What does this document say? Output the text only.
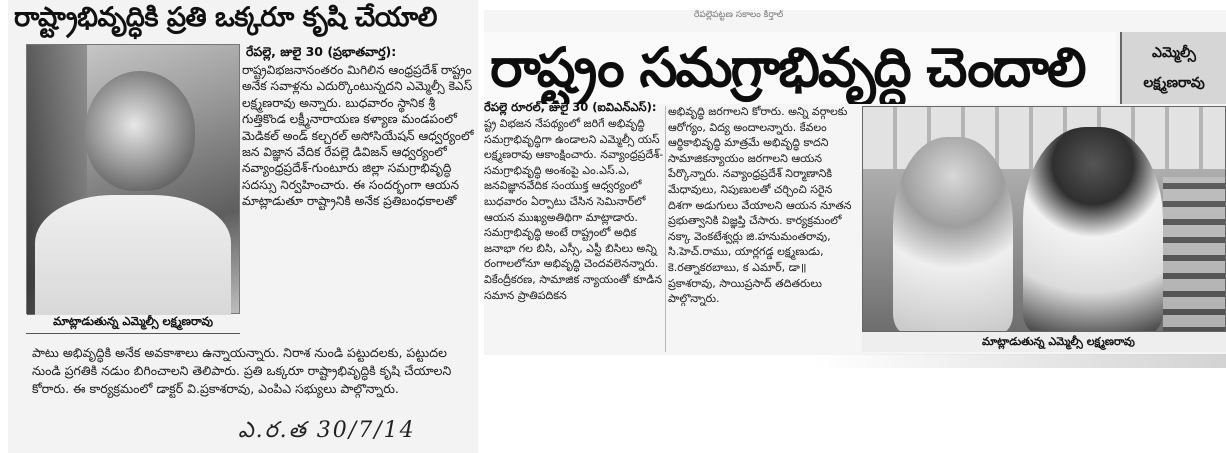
రాష్ట్రాభివృద్ధికి ప్రతి ఒక్కరూ కృషి చేయాలి
మాట్లాడుతున్న ఎమ్మెల్సీ లక్ష్మణరావు
రేపల్లె, జులై 30 (ప్రభాతవార్త):
రాష్ట్రవిభజనానంతరం మిగిలిన ఆంధ్రప్రదేశ్ రాష్ట్రం అనేక సవాళ్లను ఎదుర్కొంటున్నదని ఎమ్మెల్సీ కెఎస్ లక్ష్మణరావు అన్నారు. బుధవారం స్థానిక శ్రీ గుత్తికొండ లక్ష్మీనారాయణ కళ్యాణ మండపంలో మెడికల్ అండ్ కల్చరల్ అసోసియేషన్ ఆధ్వర్యంలో జన విజ్ఞాన వేదిక రేపల్లె డివిజన్ ఆధ్వర్యంలో నవ్యాంధ్రప్రదేశ్-గుంటూరు జిల్లా సమగ్రాభివృద్ధి సదస్సు నిర్వహించారు. ఈ సందర్భంగా ఆయన మాట్లాడుతూ రాష్ట్రానికి అనేక ప్రతిబంధకాలతో
పాటు అభివృద్ధికి అనేక అవకాశాలు ఉన్నాయన్నారు. నిరాశ నుండి పట్టుదలకు, పట్టుదల నుండి ప్రగతికి నడుం బిగించాలని తెలిపారు. ప్రతి ఒక్కరూ రాష్ట్రాభివృద్ధికి కృషి చేయాలని కోరారు. ఈ కార్యక్రమంలో డాక్టర్ వి.ప్రకాశరావు, ఎంపిఎ సభ్యులు పాల్గొన్నారు.
ఎ.ర.త 30/7/14
రేపల్లెపట్టణ సకాలం కిర్తాల్
రాష్ట్రం సమగ్రాభివృద్ధి చెందాలి	ఎమ్మెల్సీ
లక్ష్మణరావు
రేపల్లె రూరల్, జులై 30 (ఐవిఎన్ఎస్):
ష్ట్ర విభజన నేపథ్యంలో జరిగే అభివృద్ధి సమగ్రాభివృద్ధిగా ఉండాలని ఎమ్మెల్సీ యస్ లక్ష్మణరావు ఆకాంక్షించారు. నవ్యాంధ్రప్రదేశ్-సమగ్రాభివృద్ధి అంశంపై ఎం.ఎస్.ఎ, జనవిజ్ఞానవేదిక సంయుక్త ఆధ్వర్యంలో బుధవారం ఏర్పాటు చేసిన సెమినార్‌లో ఆయన ముఖ్యఅతిథిగా మాట్లాడారు. సమగ్రాభివృద్ధి అంటే రాష్ట్రంలో అధిక జనాభా గల బిసి, ఎస్సీ, ఎస్టీ బిసిలు అన్ని రంగాలలోనూ అభివృద్ధి చెందవలెనన్నారు. వికేంద్రీకరణ, సామాజిక న్యాయంతో కూడిన సమాన ప్రాతిపదికన
అభివృద్ధి జరగాలని కోరారు. అన్ని వర్గాలకు ఆరోగ్యం, విద్య అందాలన్నారు. కేవలం ఆర్థికాభివృద్ధి మాత్రమే అభివృద్ధి కాదని సామాజికన్యాయం జరగాలని ఆయన పేర్కొన్నారు. నవ్యాంధ్రప్రదేశ్ నిర్మాణానికి మేధావులు, నిపుణులతో చర్చించి సరైన దిశగా అడుగులు వేయాలని ఆయన నూతన ప్రభుత్వానికి విజ్ఞప్తి చేసారు. కార్యక్రమంలో నక్కా వెంకటేశ్వర్లు జి.హనుమంతరావు, సి.హెచ్.రాము, యార్లగడ్డ లక్ష్మణుడు, కె.రత్నాకరబాబు, క ఎమార్, డా॥ ప్రకాశరావు, సాయిప్రసాద్ తదితరులు పాల్గొన్నారు.
మాట్లాడుతున్న ఎమ్మెల్సీ లక్ష్మణరావు
